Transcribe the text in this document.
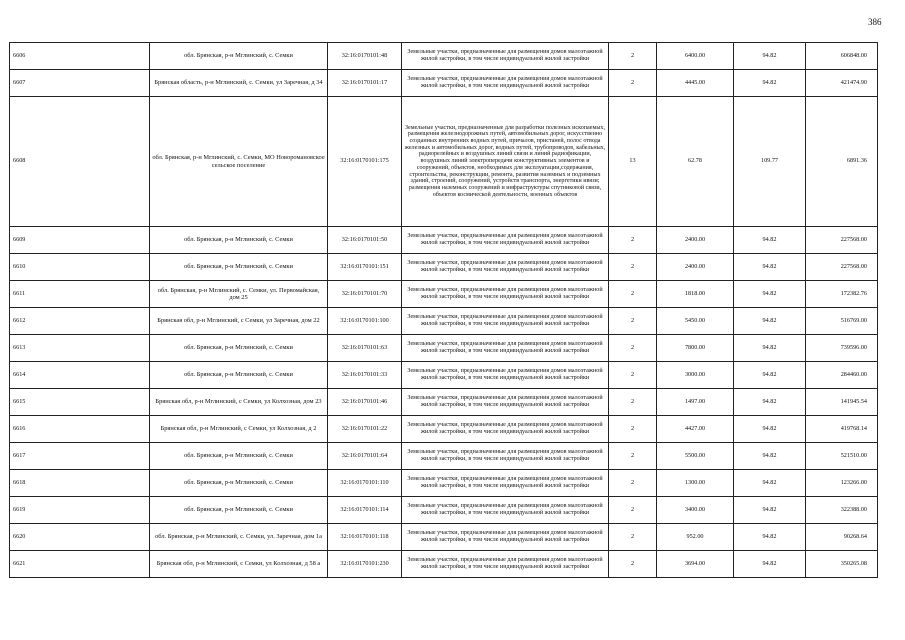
386
6606	обл. Брянская, р-н Мглинский, с. Семки	32:16:0170101:48	Земельные участки, предназначенные для размещения домов малоэтажной жилой застройки, в том числе индивидуальной жилой застройки	2	6400.00	94.82	606848.00
6607	Брянская область, р-н Мглинский, с. Семки, ул Заречная, д 34	32:16:0170101:17	Земельные участки, предназначенные для размещения домов малоэтажной жилой застройки, в том числе индивидуальной жилой застройки	2	4445.00	94.82	421474.90
6608	обл. Брянская, р-н Мглинский, с. Семки, МО Новоромановское сельское поселение	32:16:0170101:175	Земельные участки, предназначенные для разработки полезных ископаемых, размещения железнодорожных путей, автомобильных дорог, искусственно созданных внутренних водных путей, причалов, пристаней, полос отвода железных и автомобильных дорог, водных путей, трубопроводов, кабельных, радиорелейных и воздушных линий связи и линий радиофикации, воздушных линий электропередачи конструктивных элементов и сооружений, объектов, необходимых для эксплуатации,содержания, строительства, реконструкции, ремонта, развития наземных и подземных зданий, строений, сооружений, устройств транспорта, энергетики ивязи; размещения наземных сооружений и инфраструктуры спутниковой связи, объектов космической деятельности, военных объектов	13	62.78	109.77	6891.36
6609	обл. Брянская, р-н Мглинский, с. Семки	32:16:0170101:50	Земельные участки, предназначенные для размещения домов малоэтажной жилой застройки, в том числе индивидуальной жилой застройки	2	2400.00	94.82	227568.00
6610	обл. Брянская, р-н Мглинский, с. Семки	32:16:0170101:151	Земельные участки, предназначенные для размещения домов малоэтажной жилой застройки, в том числе индивидуальной жилой застройки	2	2400.00	94.82	227568.00
6611	обл. Брянская, р-н Мглинский, с. Семки, ул. Первомайская, дом 25	32:16:0170101:70	Земельные участки, предназначенные для размещения домов малоэтажной жилой застройки, в том числе индивидуальной жилой застройки	2	1818.00	94.82	172382.76
6612	Брянская обл, р-н Мглинский, с Семки, ул Заречная, дом 22	32:16:0170101:100	Земельные участки, предназначенные для размещения домов малоэтажной жилой застройки, в том числе индивидуальной жилой застройки	2	5450.00	94.82	516769.00
6613	обл. Брянская, р-н Мглинский, с. Семки	32:16:0170101:63	Земельные участки, предназначенные для размещения домов малоэтажной жилой застройки, в том числе индивидуальной жилой застройки	2	7800.00	94.82	739596.00
6614	обл. Брянская, р-н Мглинский, с. Семки	32:16:0170101:33	Земельные участки, предназначенные для размещения домов малоэтажной жилой застройки, в том числе индивидуальной жилой застройки	2	3000.00	94.82	284460.00
6615	Брянская обл, р-н Мглинский, с Семки, ул Колхозная, дом 23	32:16:0170101:46	Земельные участки, предназначенные для размещения домов малоэтажной жилой застройки, в том числе индивидуальной жилой застройки	2	1497.00	94.82	141945.54
6616	Брянская обл, р-н Мглинский, с Семки, ул Колхозная, д 2	32:16:0170101:22	Земельные участки, предназначенные для размещения домов малоэтажной жилой застройки, в том числе индивидуальной жилой застройки	2	4427.00	94.82	419768.14
6617	обл. Брянская, р-н Мглинский, с. Семки	32:16:0170101:64	Земельные участки, предназначенные для размещения домов малоэтажной жилой застройки, в том числе индивидуальной жилой застройки	2	5500.00	94.82	521510.00
6618	обл. Брянская, р-н Мглинский, с. Семки	32:16:0170101:110	Земельные участки, предназначенные для размещения домов малоэтажной жилой застройки, в том числе индивидуальной жилой застройки	2	1300.00	94.82	123266.00
6619	обл. Брянская, р-н Мглинский, с. Семки	32:16:0170101:114	Земельные участки, предназначенные для размещения домов малоэтажной жилой застройки, в том числе индивидуальной жилой застройки	2	3400.00	94.82	322388.00
6620	обл. Брянская, р-н Мглинский, с. Семки, ул. Заречная, дом 1а	32:16:0170101:118	Земельные участки, предназначенные для размещения домов малоэтажной жилой застройки, в том числе индивидуальной жилой застройки	2	952.00	94.82	90268.64
6621	Брянская обл, р-н Мглинский, с Семки, ул Колхозная, д 58 а	32:16:0170101:230	Земельные участки, предназначенные для размещения домов малоэтажной жилой застройки, в том числе индивидуальной жилой застройки	2	3694.00	94.82	350265.08
